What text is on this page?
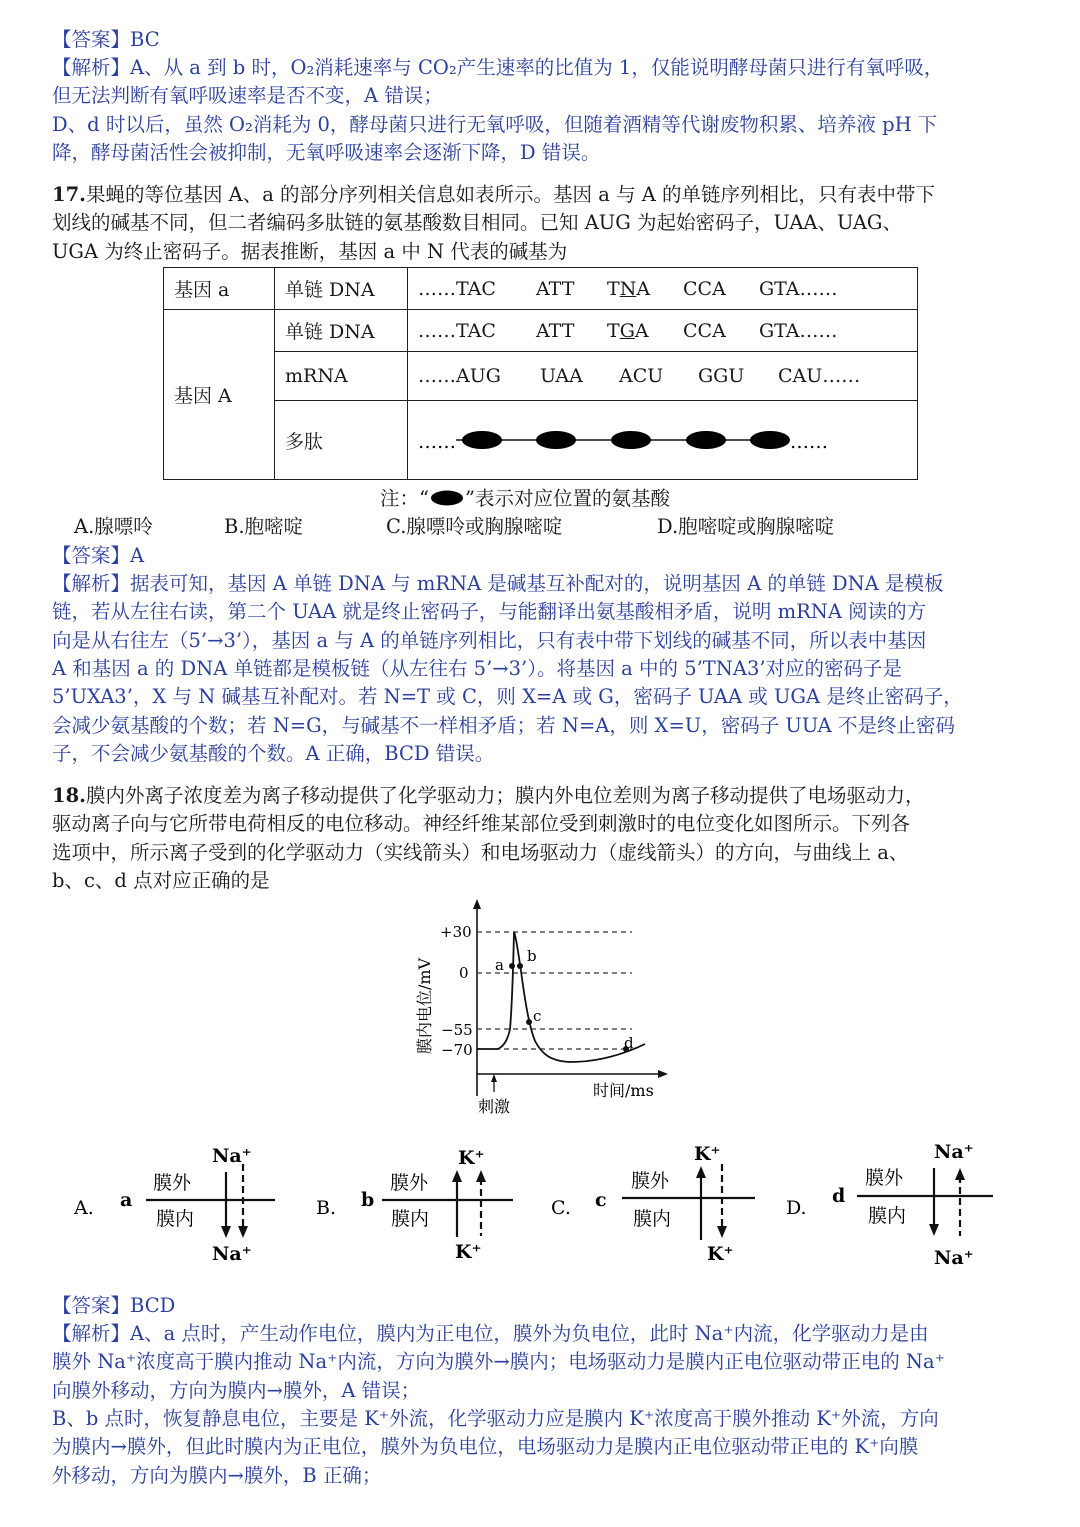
【答案】BC
【解析】A、从 a 到 b 时，O₂消耗速率与 CO₂产生速率的比值为 1，仅能说明酵母菌只进行有氧呼吸，
但无法判断有氧呼吸速率是否不变，A 错误；
D、d 时以后，虽然 O₂消耗为 0，酵母菌只进行无氧呼吸，但随着酒精等代谢废物积累、培养液 pH 下
降，酵母菌活性会被抑制，无氧呼吸速率会逐渐下降，D 错误。
17.果蝇的等位基因 A、a 的部分序列相关信息如表所示。基因 a 与 A 的单链序列相比，只有表中带下
划线的碱基不同，但二者编码多肽链的氨基酸数目相同。已知 AUG 为起始密码子，UAA、UAG、
UGA 为终止密码子。据表推断，基因 a 中 N 代表的碱基为
基因 a	单链 DNA	……TAC ATT TNA CCA GTA……
基因 A	单链 DNA	……TAC ATT TGA CCA GTA……
	mRNA	……AUG UAA ACU GGU CAU……
	多肽	…… ……
注：“ ”表示对应位置的氨基酸
A.腺嘌呤	B.胞嘧啶	C.腺嘌呤或胸腺嘧啶	D.胞嘧啶或胸腺嘧啶
【答案】A
【解析】据表可知，基因 A 单链 DNA 与 mRNA 是碱基互补配对的，说明基因 A 的单链 DNA 是模板
链，若从左往右读，第二个 UAA 就是终止密码子，与能翻译出氨基酸相矛盾，说明 mRNA 阅读的方
向是从右往左（5’→3’），基因 a 与 A 的单链序列相比，只有表中带下划线的碱基不同，所以表中基因
A 和基因 a 的 DNA 单链都是模板链（从左往右 5’→3’）。将基因 a 中的 5’TNA3’对应的密码子是
5’UXA3’，X 与 N 碱基互补配对。若 N=T 或 C，则 X=A 或 G，密码子 UAA 或 UGA 是终止密码子，
会减少氨基酸的个数；若 N=G，与碱基不一样相矛盾；若 N=A，则 X=U，密码子 UUA 不是终止密码
子，不会减少氨基酸的个数。A 正确，BCD 错误。
18.膜内外离子浓度差为离子移动提供了化学驱动力；膜内外电位差则为离子移动提供了电场驱动力，
驱动离子向与它所带电荷相反的电位移动。神经纤维某部位受到刺激时的电位变化如图所示。下列各
选项中，所示离子受到的化学驱动力（实线箭头）和电场驱动力（虚线箭头）的方向，与曲线上 a、
b、c、d 点对应正确的是
+30
0
−55
−70
膜内电位/mV	a b
c
d
刺激
时间/ms
A. a
膜外
膜内
Na⁺
Na⁺
B. b
膜外
膜内
K⁺
K⁺
C. c
膜外
膜内
K⁺
K⁺
D.
d
膜外
膜内
Na⁺
Na⁺
【答案】BCD
【解析】A、a 点时，产生动作电位，膜内为正电位，膜外为负电位，此时 Na⁺内流，化学驱动力是由
膜外 Na⁺浓度高于膜内推动 Na⁺内流，方向为膜外→膜内；电场驱动力是膜内正电位驱动带正电的 Na⁺
向膜外移动，方向为膜内→膜外，A 错误；
B、b 点时，恢复静息电位，主要是 K⁺外流，化学驱动力应是膜内 K⁺浓度高于膜外推动 K⁺外流，方向
为膜内→膜外，但此时膜内为正电位，膜外为负电位，电场驱动力是膜内正电位驱动带正电的 K⁺向膜
外移动，方向为膜内→膜外，B 正确；
